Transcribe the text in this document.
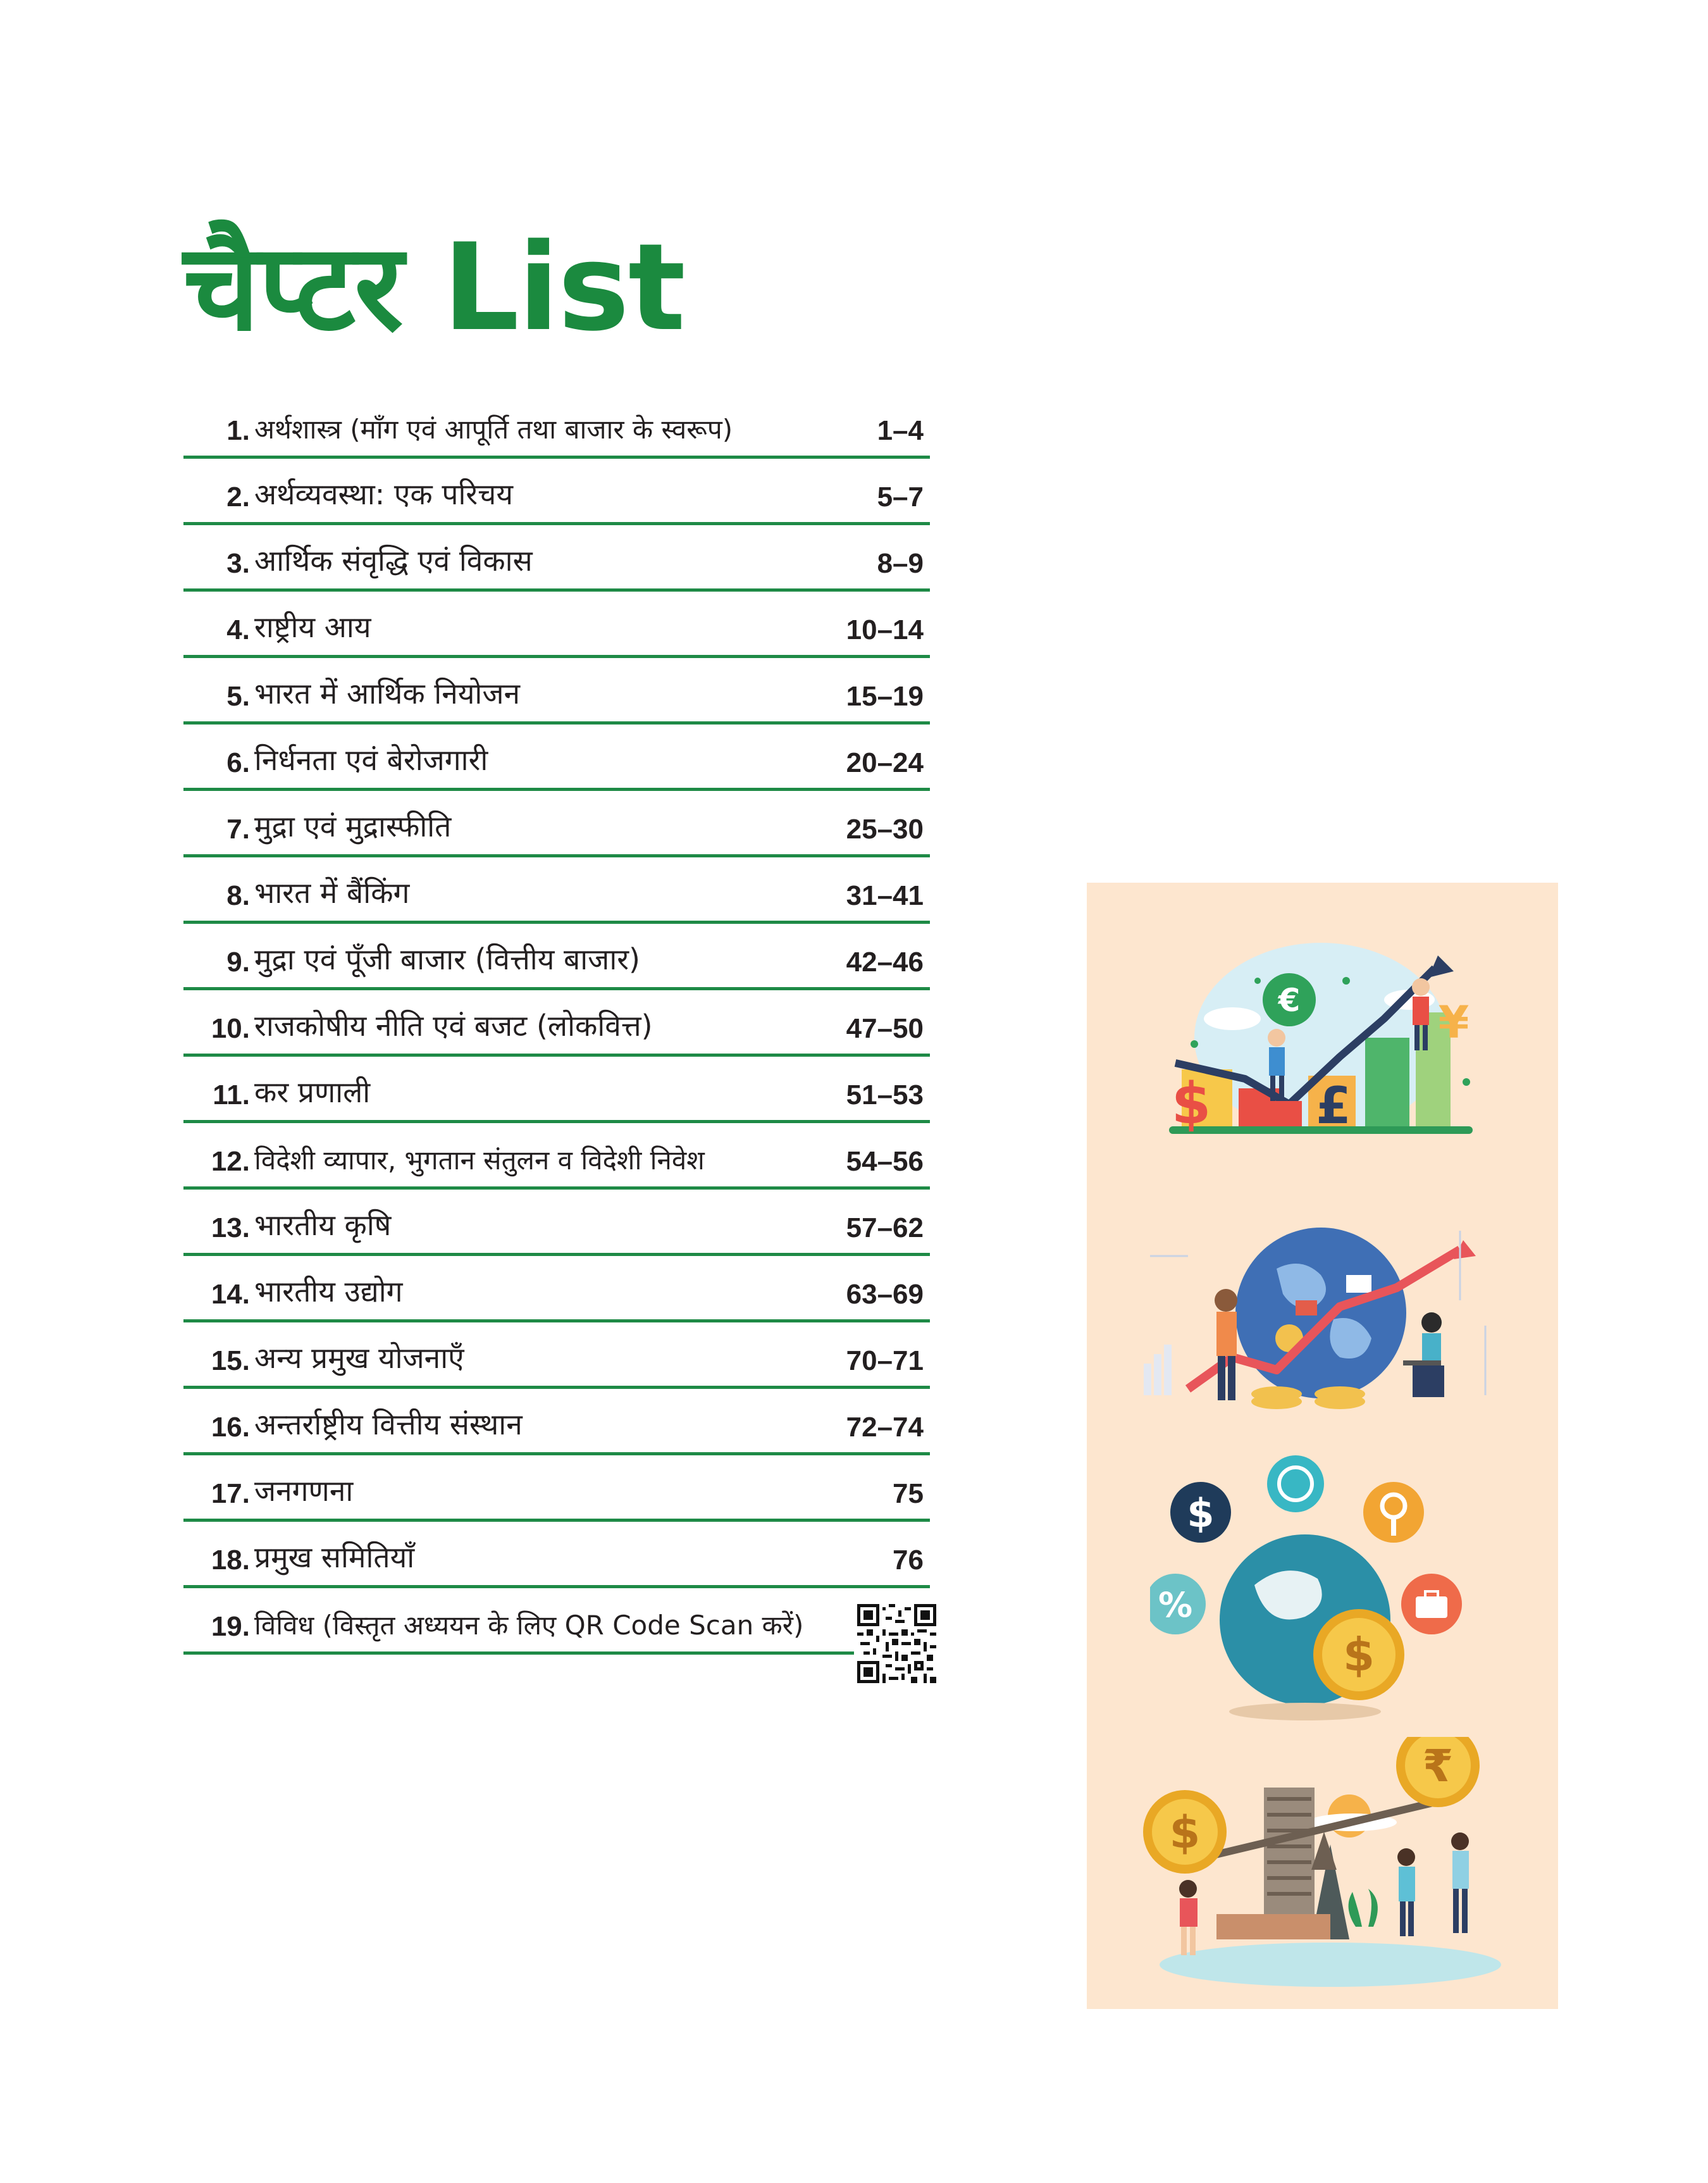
चैप्टर List
1. अर्थशास्त्र (माँग एवं आपूर्ति तथा बाजार के स्वरूप)	1–4
2. अर्थव्यवस्था: एक परिचय	5–7
3. आर्थिक संवृद्धि एवं विकास	8–9
4. राष्ट्रीय आय	10–14
5. भारत में आर्थिक नियोजन	15–19
6. निर्धनता एवं बेरोजगारी	20–24
7. मुद्रा एवं मुद्रास्फीति	25–30
8. भारत में बैंकिंग	31–41
9. मुद्रा एवं पूँजी बाजार (वित्तीय बाजार)	42–46
10. राजकोषीय नीति एवं बजट (लोकवित्त)	47–50
11. कर प्रणाली	51–53
12. विदेशी व्यापार, भुगतान संतुलन व विदेशी निवेश	54–56
13. भारतीय कृषि	57–62
14. भारतीय उद्योग	63–69
15. अन्य प्रमुख योजनाएँ	70–71
16. अन्तर्राष्ट्रीय वित्तीय संस्थान	72–74
17. जनगणना	75
18. प्रमुख समितियाँ	76
19. विविध (विस्तृत अध्ययन के लिए QR Code Scan करें)
€
$ £
¥
$
%
$
$
₹
